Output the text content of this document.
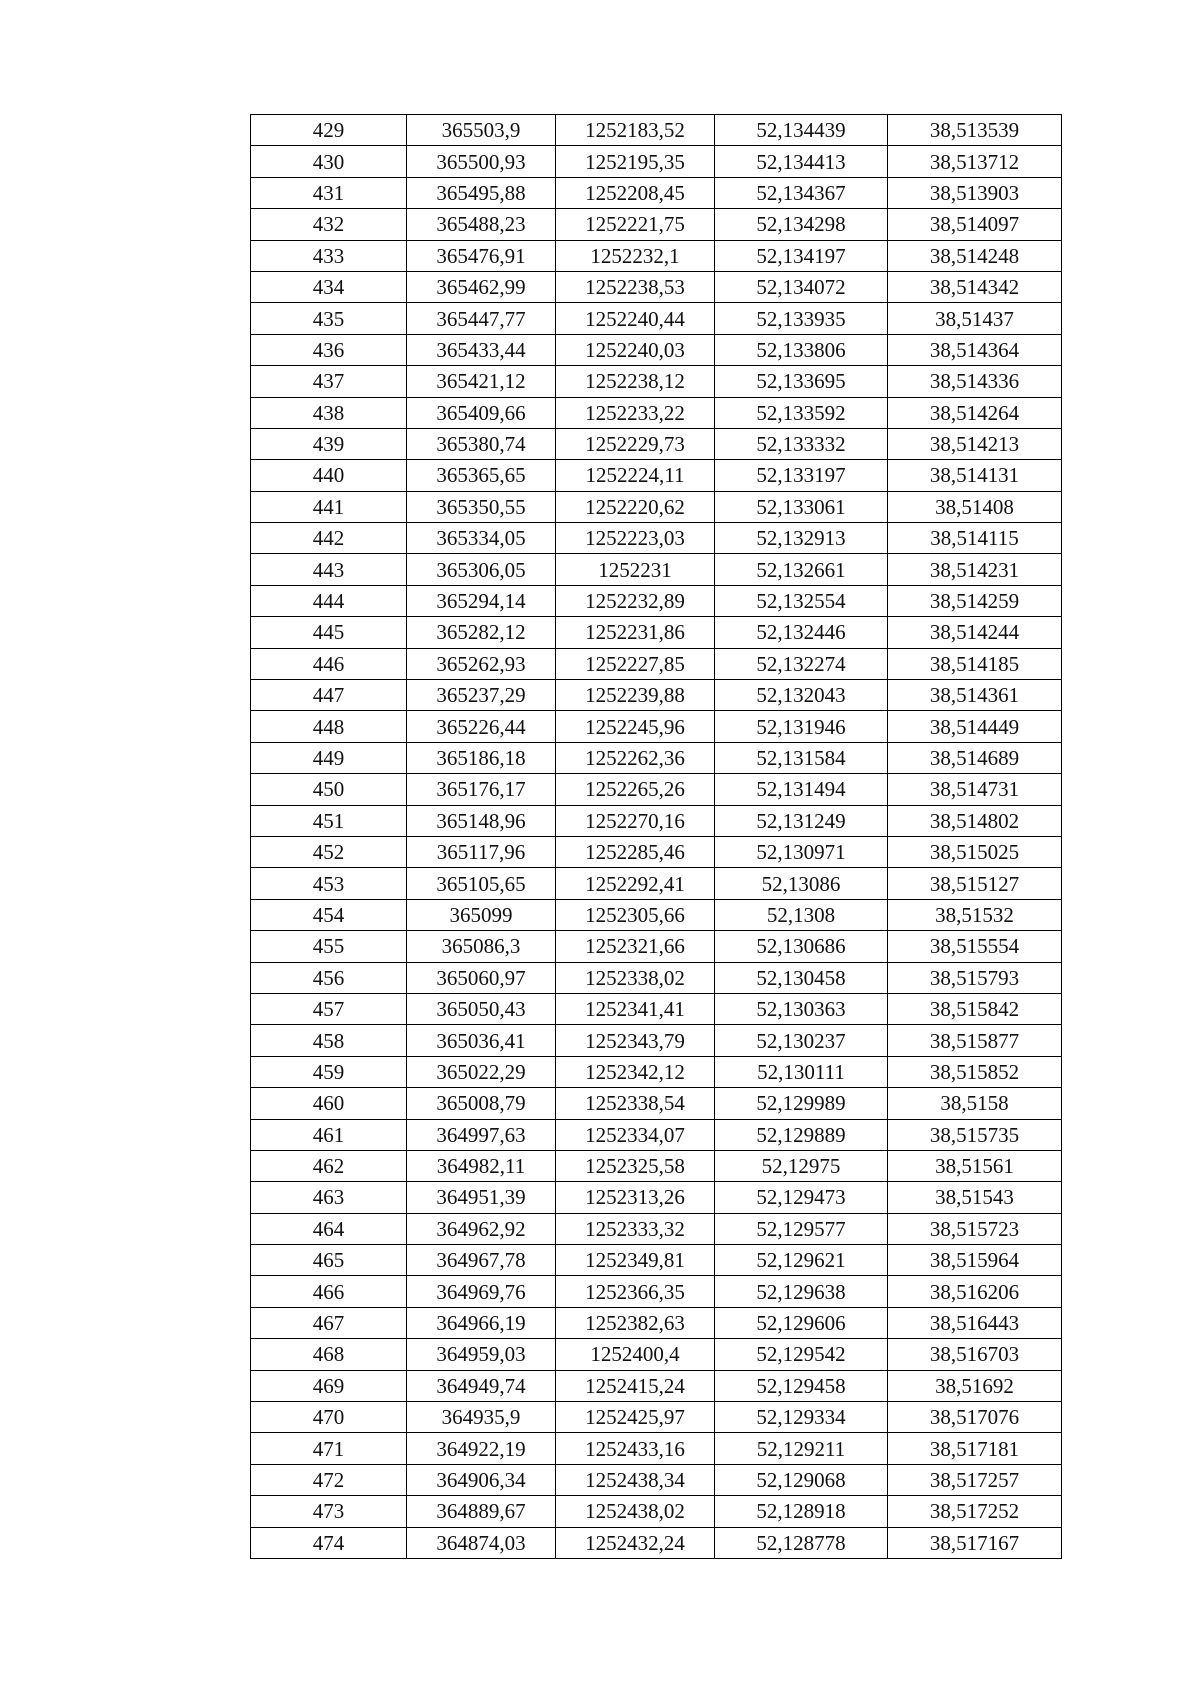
429	365503,9	1252183,52	52,134439	38,513539
430	365500,93	1252195,35	52,134413	38,513712
431	365495,88	1252208,45	52,134367	38,513903
432	365488,23	1252221,75	52,134298	38,514097
433	365476,91	1252232,1	52,134197	38,514248
434	365462,99	1252238,53	52,134072	38,514342
435	365447,77	1252240,44	52,133935	38,51437
436	365433,44	1252240,03	52,133806	38,514364
437	365421,12	1252238,12	52,133695	38,514336
438	365409,66	1252233,22	52,133592	38,514264
439	365380,74	1252229,73	52,133332	38,514213
440	365365,65	1252224,11	52,133197	38,514131
441	365350,55	1252220,62	52,133061	38,51408
442	365334,05	1252223,03	52,132913	38,514115
443	365306,05	1252231	52,132661	38,514231
444	365294,14	1252232,89	52,132554	38,514259
445	365282,12	1252231,86	52,132446	38,514244
446	365262,93	1252227,85	52,132274	38,514185
447	365237,29	1252239,88	52,132043	38,514361
448	365226,44	1252245,96	52,131946	38,514449
449	365186,18	1252262,36	52,131584	38,514689
450	365176,17	1252265,26	52,131494	38,514731
451	365148,96	1252270,16	52,131249	38,514802
452	365117,96	1252285,46	52,130971	38,515025
453	365105,65	1252292,41	52,13086	38,515127
454	365099	1252305,66	52,1308	38,51532
455	365086,3	1252321,66	52,130686	38,515554
456	365060,97	1252338,02	52,130458	38,515793
457	365050,43	1252341,41	52,130363	38,515842
458	365036,41	1252343,79	52,130237	38,515877
459	365022,29	1252342,12	52,130111	38,515852
460	365008,79	1252338,54	52,129989	38,5158
461	364997,63	1252334,07	52,129889	38,515735
462	364982,11	1252325,58	52,12975	38,51561
463	364951,39	1252313,26	52,129473	38,51543
464	364962,92	1252333,32	52,129577	38,515723
465	364967,78	1252349,81	52,129621	38,515964
466	364969,76	1252366,35	52,129638	38,516206
467	364966,19	1252382,63	52,129606	38,516443
468	364959,03	1252400,4	52,129542	38,516703
469	364949,74	1252415,24	52,129458	38,51692
470	364935,9	1252425,97	52,129334	38,517076
471	364922,19	1252433,16	52,129211	38,517181
472	364906,34	1252438,34	52,129068	38,517257
473	364889,67	1252438,02	52,128918	38,517252
474	364874,03	1252432,24	52,128778	38,517167
